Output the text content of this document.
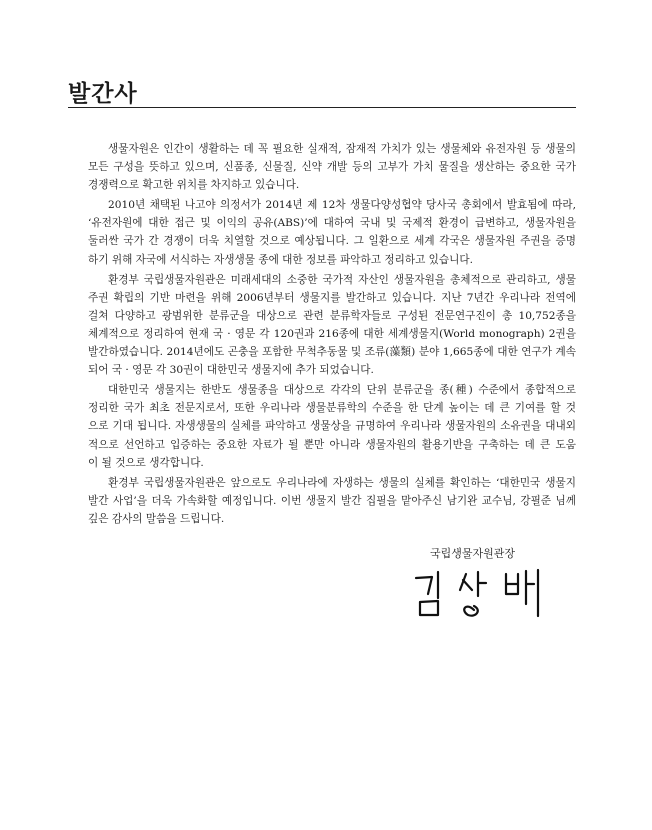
발간사

생물자원은 인간이 생활하는 데 꼭 필요한 실재적, 잠재적 가치가 있는 생물체와 유전자원 등 생물의
모든 구성을 뜻하고 있으며, 신품종, 신물질, 신약 개발 등의 고부가 가치 물질을 생산하는 중요한 국가
경쟁력으로 확고한 위치를 차지하고 있습니다.

2010년 채택된 나고야 의정서가 2014년 제 12차 생물다양성협약 당사국 총회에서 발효됨에 따라,
‘유전자원에 대한 접근 및 이익의 공유(ABS)’에 대하여 국내 및 국제적 환경이 급변하고, 생물자원을
둘러싼 국가 간 경쟁이 더욱 치열할 것으로 예상됩니다. 그 일환으로 세계 각국은 생물자원 주권을 증명
하기 위해 자국에 서식하는 자생생물 종에 대한 정보를 파악하고 정리하고 있습니다.

환경부 국립생물자원관은 미래세대의 소중한 국가적 자산인 생물자원을 총체적으로 관리하고, 생물
주권 확립의 기반 마련을 위해 2006년부터 생물지를 발간하고 있습니다. 지난 7년간 우리나라 전역에
걸쳐 다양하고 광범위한 분류군을 대상으로 관련 분류학자들로 구성된 전문연구진이 총 10,752종을
체계적으로 정리하여 현재 국 · 영문 각 120권과 216종에 대한 세계생물지(World monograph) 2권을
발간하였습니다. 2014년에도 곤충을 포함한 무척추동물 및 조류(藻類) 분야 1,665종에 대한 연구가 계속
되어 국 · 영문 각 30권이 대한민국 생물지에 추가 되었습니다.

대한민국 생물지는 한반도 생물종을 대상으로 각각의 단위 분류군을 종(種) 수준에서 종합적으로
정리한 국가 최초 전문지로서, 또한 우리나라 생물분류학의 수준을 한 단계 높이는 데 큰 기여를 할 것
으로 기대 됩니다. 자생생물의 실체를 파악하고 생물상을 규명하여 우리나라 생물자원의 소유권을 대내외
적으로 선언하고 입증하는 중요한 자료가 될 뿐만 아니라 생물자원의 활용기반을 구축하는 데 큰 도움
이 될 것으로 생각합니다.

환경부 국립생물자원관은 앞으로도 우리나라에 자생하는 생물의 실체를 확인하는 ‘대한민국 생물지
발간 사업’을 더욱 가속화할 예정입니다. 이번 생물지 발간 집필을 맡아주신 남기완 교수님, 강필준 님께
깊은 감사의 말씀을 드립니다.

국립생물자원관장
